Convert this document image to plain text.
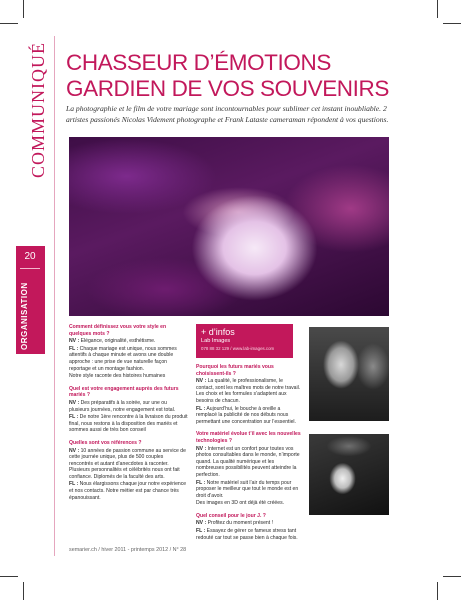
COMMUNIQUÉ
20
ORGANISATION
CHASSEUR D’ÉMOTIONS
GARDIEN DE VOS SOUVENIRS
La photographie et le film de votre mariage sont incontournables pour sublimer cet instant inoubliable. 2 artistes passionés Nicolas Videment photographe et Frank Lataste cameraman répondent à vos questions.
+ d’infos
Lab Images
078 88 32 129 / www.lab-images.com
Comment définissez vous votre style en quelques mots ?
NV : Elégance, originalité, esthétisme.
FL : Chaque mariage est unique, nous sommes attentifs à chaque minute et avons une double approche : une prise de vue naturelle façon reportage et un montage fashion.
Notre style raconte des histoires humaines
Quel est votre engagement auprès des futurs mariés ?
NV : Des préparatifs à la soirée, sur une ou plusieurs journées, notre engagement est total.
FL : De notre 1ère rencontre à la livraison du produit final, nous restons à la disposition des mariés et sommes aussi de très bon conseil
Quelles sont vos références ?
NV : 10 années de passion commune au service de cette journée unique, plus de 500 couples rencontrés et autant d’anecdotes à raconter. Plusieurs personnalités et célébrités nous ont fait confiance. Diplomés de la faculté des arts.
FL : Nous élargissons chaque jour notre expérience et nos contacts. Notre métier est par chance très épanouissant.
Pourquoi les futurs mariés vous choisissent-ils ?
NV : La qualité, le professionalisme, le contact, sont les maîtres mots de notre travail. Les choix et les formules s’adaptent aux besoins de chacun.
FL : Aujourd’hui, le bouche à oreille a remplacé la publicité de nos débuts nous permettant une concentration sur l’essentiel.
Votre matériel évolue t’il avec les nouvelles technologies ?
NV : Internet est un confort pour toutes vos photos consultables dans le monde, n’importe quand. La qualité numérique et les nombreuses possibilités peuvent atteindre la perfection.
FL : Notre matériel suit l’air du temps pour proposer le meilleur que tout le monde est en droit d’avoir.
Des images en 3D ont déjà été créées.
Quel conseil pour le jour J. ?
NV : Profitez du moment présent !
FL : Essayez de gérer ce fameux stress tant redouté car tout se passe bien à chaque fois.
semarier.ch / hiver 2011 - printemps 2012 / N° 28
